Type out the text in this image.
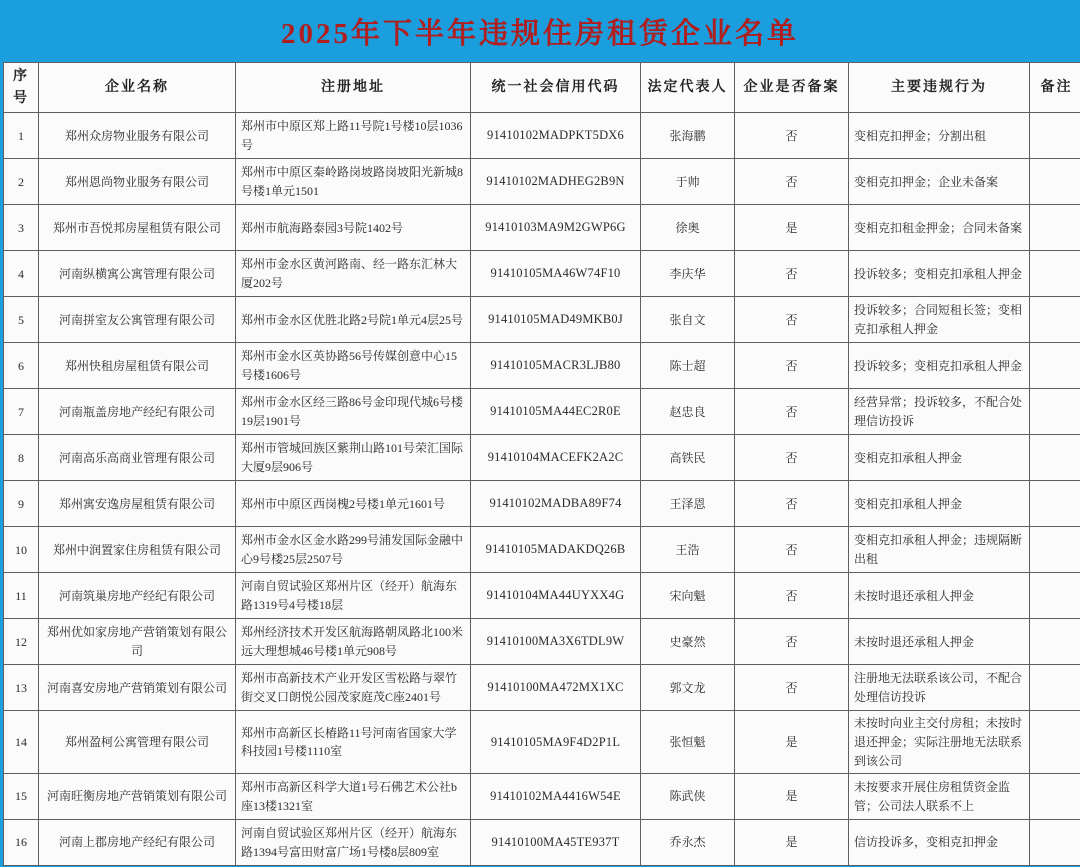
2025年下半年违规住房租赁企业名单
序号	企业名称	注册地址	统一社会信用代码	法定代表人	企业是否备案	主要违规行为	备注
1	郑州众房物业服务有限公司	郑州市中原区郑上路11号院1号楼10层1036号	91410102MADPKT5DX6	张海鹏	否	变相克扣押金；分割出租	
2	郑州恩尚物业服务有限公司	郑州市中原区秦岭路岗坡路岗坡阳光新城8号楼1单元1501	91410102MADHEG2B9N	于帅	否	变相克扣押金；企业未备案	
3	郑州市吾悦邦房屋租赁有限公司	郑州市航海路泰园3号院1402号	91410103MA9M2GWP6G	徐奥	是	变相克扣租金押金；合同未备案	
4	河南纵横寓公寓管理有限公司	郑州市金水区黄河路南、经一路东汇林大厦202号	91410105MA46W74F10	李庆华	否	投诉较多；变相克扣承租人押金	
5	河南拼室友公寓管理有限公司	郑州市金水区优胜北路2号院1单元4层25号	91410105MAD49MKB0J	张自文	否	投诉较多；合同短租长签；变相克扣承租人押金	
6	郑州快租房屋租赁有限公司	郑州市金水区英协路56号传媒创意中心15号楼1606号	91410105MACR3LJB80	陈士超	否	投诉较多；变相克扣承租人押金	
7	河南瓶盖房地产经纪有限公司	郑州市金水区经三路86号金印现代城6号楼19层1901号	91410105MA44EC2R0E	赵忠良	否	经营异常；投诉较多，不配合处理信访投诉	
8	河南高乐高商业管理有限公司	郑州市管城回族区紫荆山路101号荣汇国际大厦9层906号	91410104MACEFK2A2C	高铁民	否	变相克扣承租人押金	
9	郑州寓安逸房屋租赁有限公司	郑州市中原区西岗槐2号楼1单元1601号	91410102MADBA89F74	王泽恩	否	变相克扣承租人押金	
10	郑州中润置家住房租赁有限公司	郑州市金水区金水路299号浦发国际金融中心9号楼25层2507号	91410105MADAKDQ26B	王浩	否	变相克扣承租人押金；违规隔断出租	
11	河南筑巢房地产经纪有限公司	河南自贸试验区郑州片区（经开）航海东路1319号4号楼18层	91410104MA44UYXX4G	宋向魁	否	未按时退还承租人押金	
12	郑州优如家房地产营销策划有限公司	郑州经济技术开发区航海路朝凤路北100米远大理想城46号楼1单元908号	91410100MA3X6TDL9W	史豪然	否	未按时退还承租人押金	
13	河南喜安房地产营销策划有限公司	郑州市高新技术产业开发区雪松路与翠竹街交叉口朗悦公园茂家庭茂C座2401号	91410100MA472MX1XC	郭文龙	否	注册地无法联系该公司，不配合处理信访投诉	
14	郑州盈柯公寓管理有限公司	郑州市高新区长椿路11号河南省国家大学科技园1号楼1110室	91410105MA9F4D2P1L	张恒魁	是	未按时向业主交付房租；未按时退还押金；实际注册地无法联系到该公司	
15	河南旺衡房地产营销策划有限公司	郑州市高新区科学大道1号石佛艺术公社b座13楼1321室	91410102MA4416W54E	陈武侠	是	未按要求开展住房租赁资金监管；公司法人联系不上	
16	河南上郡房地产经纪有限公司	河南自贸试验区郑州片区（经开）航海东路1394号富田财富广场1号楼8层809室	91410100MA45TE937T	乔永杰	是	信访投诉多，变相克扣押金	
